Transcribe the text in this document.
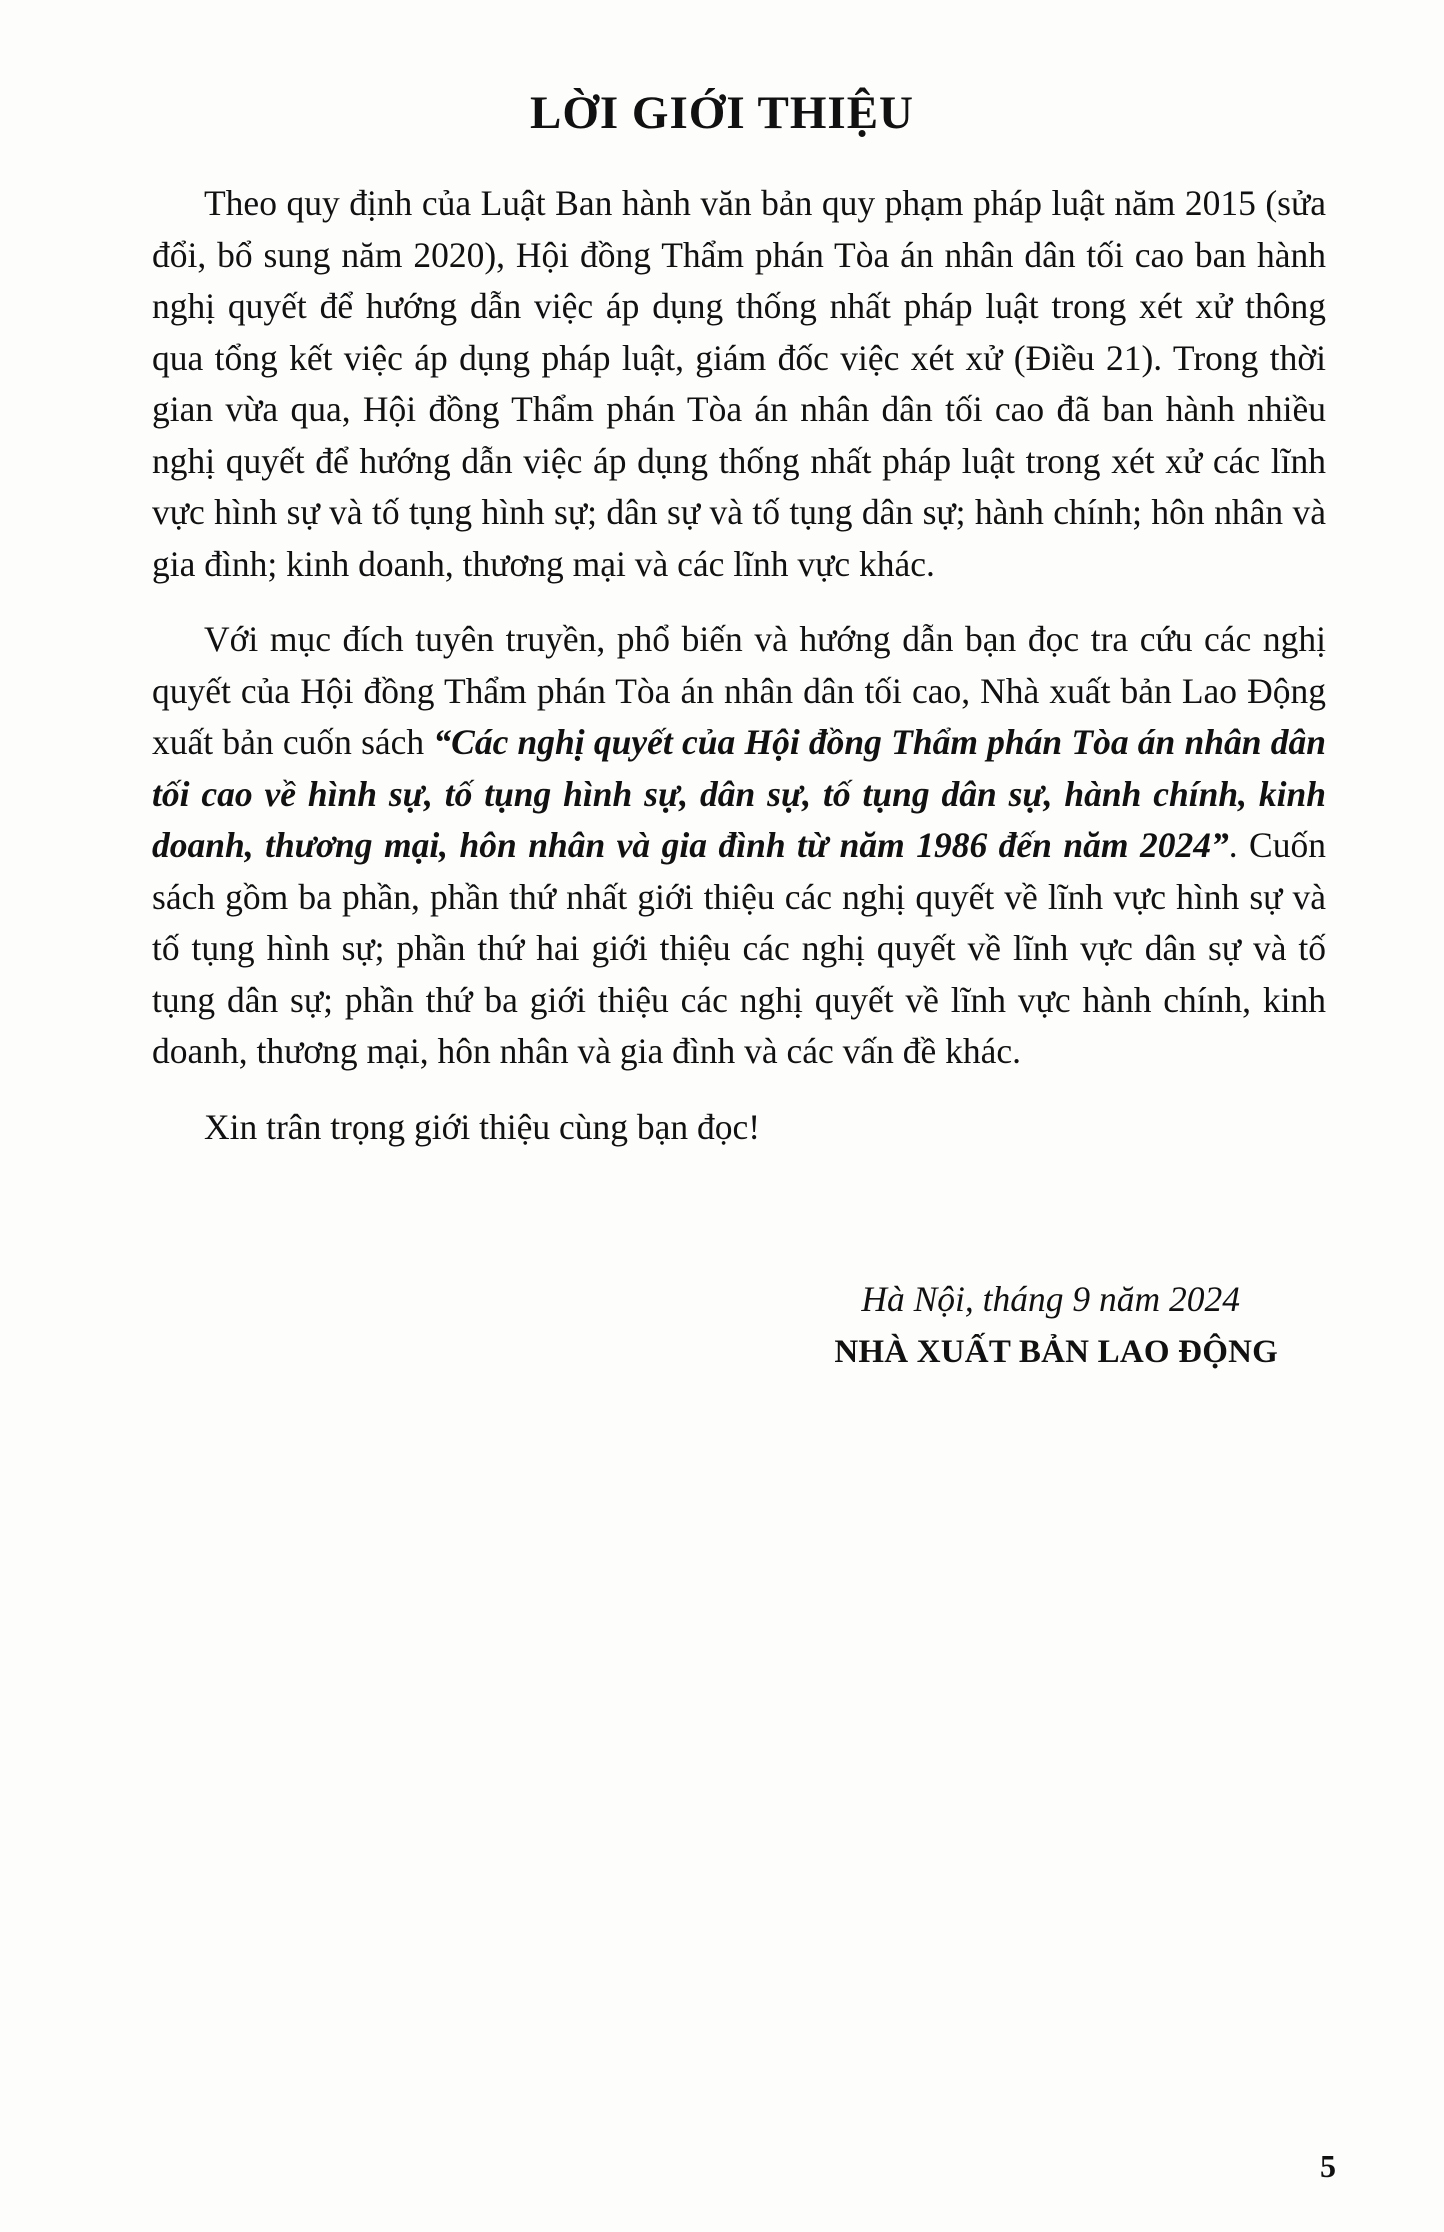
LỜI GIỚI THIỆU

Theo quy định của Luật Ban hành văn bản quy phạm pháp luật năm 2015 (sửa đổi, bổ sung năm 2020), Hội đồng Thẩm phán Tòa án nhân dân tối cao ban hành nghị quyết để hướng dẫn việc áp dụng thống nhất pháp luật trong xét xử thông qua tổng kết việc áp dụng pháp luật, giám đốc việc xét xử (Điều 21). Trong thời gian vừa qua, Hội đồng Thẩm phán Tòa án nhân dân tối cao đã ban hành nhiều nghị quyết để hướng dẫn việc áp dụng thống nhất pháp luật trong xét xử các lĩnh vực hình sự và tố tụng hình sự; dân sự và tố tụng dân sự; hành chính; hôn nhân và gia đình; kinh doanh, thương mại và các lĩnh vực khác.

Với mục đích tuyên truyền, phổ biến và hướng dẫn bạn đọc tra cứu các nghị quyết của Hội đồng Thẩm phán Tòa án nhân dân tối cao, Nhà xuất bản Lao Động xuất bản cuốn sách “Các nghị quyết của Hội đồng Thẩm phán Tòa án nhân dân tối cao về hình sự, tố tụng hình sự, dân sự, tố tụng dân sự, hành chính, kinh doanh, thương mại, hôn nhân và gia đình từ năm 1986 đến năm 2024”. Cuốn sách gồm ba phần, phần thứ nhất giới thiệu các nghị quyết về lĩnh vực hình sự và tố tụng hình sự; phần thứ hai giới thiệu các nghị quyết về lĩnh vực dân sự và tố tụng dân sự; phần thứ ba giới thiệu các nghị quyết về lĩnh vực hành chính, kinh doanh, thương mại, hôn nhân và gia đình và các vấn đề khác.

Xin trân trọng giới thiệu cùng bạn đọc!

Hà Nội, tháng 9 năm 2024

NHÀ XUẤT BẢN LAO ĐỘNG

5
